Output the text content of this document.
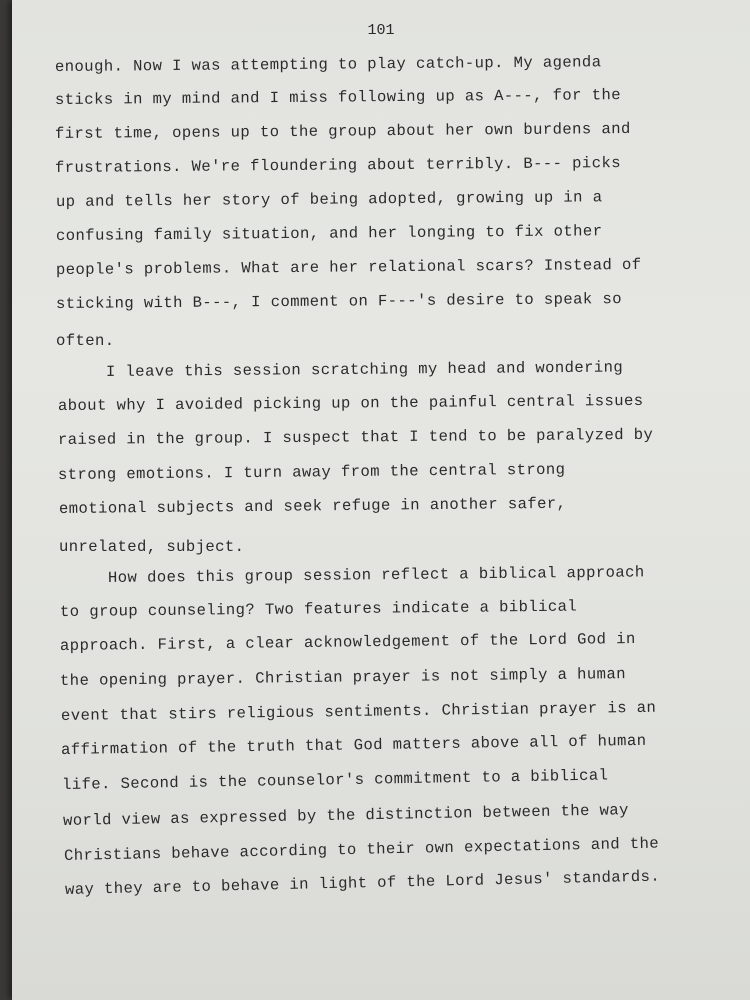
101
enough. Now I was attempting to play catch-up. My agenda
sticks in my mind and I miss following up as A---, for the
first time, opens up to the group about her own burdens and
frustrations. We're floundering about terribly. B--- picks
up and tells her story of being adopted, growing up in a
confusing family situation, and her longing to fix other
people's problems. What are her relational scars? Instead of
sticking with B---, I comment on F---'s desire to speak so
often.
I leave this session scratching my head and wondering
about why I avoided picking up on the painful central issues
raised in the group. I suspect that I tend to be paralyzed by
strong emotions. I turn away from the central strong
emotional subjects and seek refuge in another safer,
unrelated, subject.
How does this group session reflect a biblical approach
to group counseling? Two features indicate a biblical
approach. First, a clear acknowledgement of the Lord God in
the opening prayer. Christian prayer is not simply a human
event that stirs religious sentiments. Christian prayer is an
affirmation of the truth that God matters above all of human
life. Second is the counselor's commitment to a biblical
world view as expressed by the distinction between the way
Christians behave according to their own expectations and the
way they are to behave in light of the Lord Jesus' standards.
